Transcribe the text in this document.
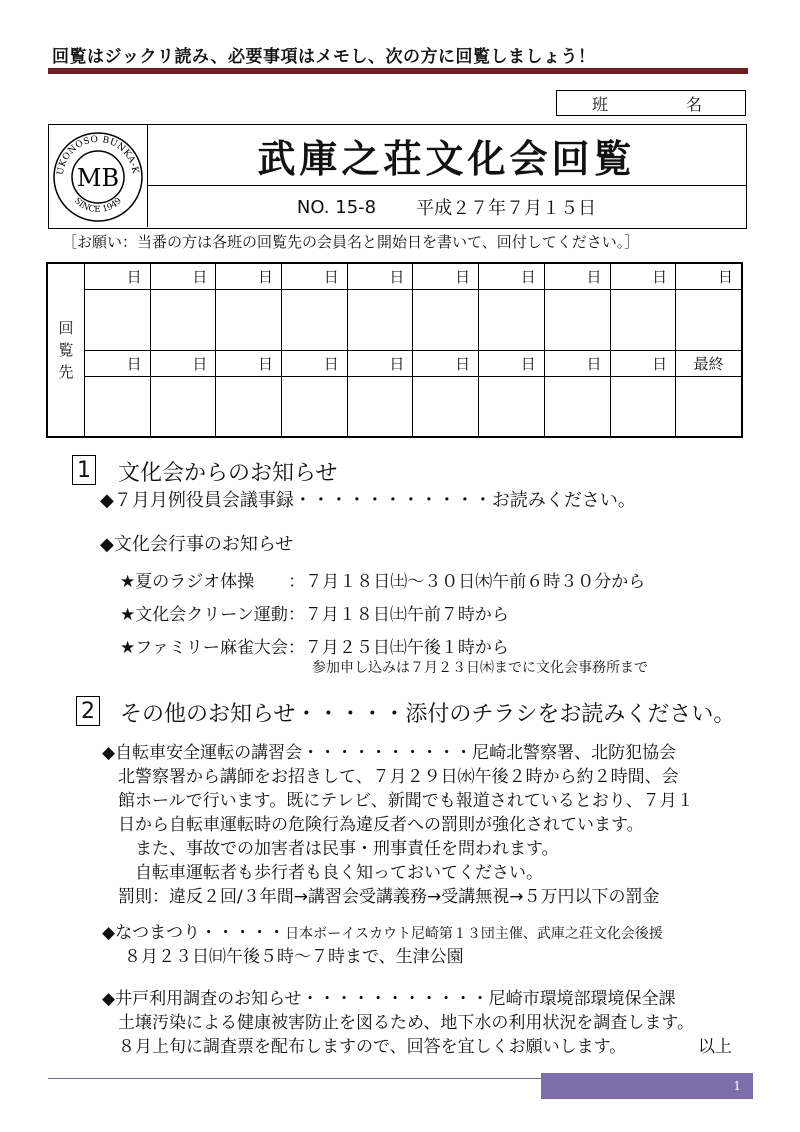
回覧はジックリ読み、必要事項はメモし、次の方に回覧しましょう！
班	名
UKONOSO BUNKA-K
SINCE 1949
MB	武庫之荘文化会回覧
NO. 15-8 平成２７年７月１５日
［お願い：当番の方は各班の回覧先の会員名と開始日を書いて、回付してください。］
回覧先	日	日	日	日	日	日	日	日	日	日

	日	日	日	日	日	日	日	日	日	最終

1 文化会からのお知らせ
◆７月月例役員会議事録・・・・・・・・・・・お読みください。
◆文化会行事のお知らせ
★夏のラジオ体操　　：７月１８日㈯～３０日㈭午前６時３０分から
★文化会クリーン運動：７月１８日㈯午前７時から
★ファミリー麻雀大会：７月２５日㈯午後１時から
参加申し込みは７月２３日㈭までに文化会事務所まで
2 その他のお知らせ・・・・・添付のチラシをお読みください。
◆自転車安全運転の講習会・・・・・・・・・・尼崎北警察署、北防犯協会
北警察署から講師をお招きして、７月２９日㈬午後２時から約２時間、会
館ホールで行います。既にテレビ、新聞でも報道されているとおり、７月１
日から自転車運転時の危険行為違反者への罰則が強化されています。
　また、事故での加害者は民事・刑事責任を問われます。
　自転車運転者も歩行者も良く知っておいてください。
罰則：違反２回/３年間→講習会受講義務→受講無視→５万円以下の罰金
◆なつまつり・・・・・日本ボーイスカウト尼崎第１３団主催、武庫之荘文化会後援
８月２３日㈰午後５時～７時まで、生津公園
◆井戸利用調査のお知らせ・・・・・・・・・・・尼崎市環境部環境保全課
土壌汚染による健康被害防止を図るため、地下水の利用状況を調査します。
８月上旬に調査票を配布しますので、回答を宜しくお願いします。	以上
1
